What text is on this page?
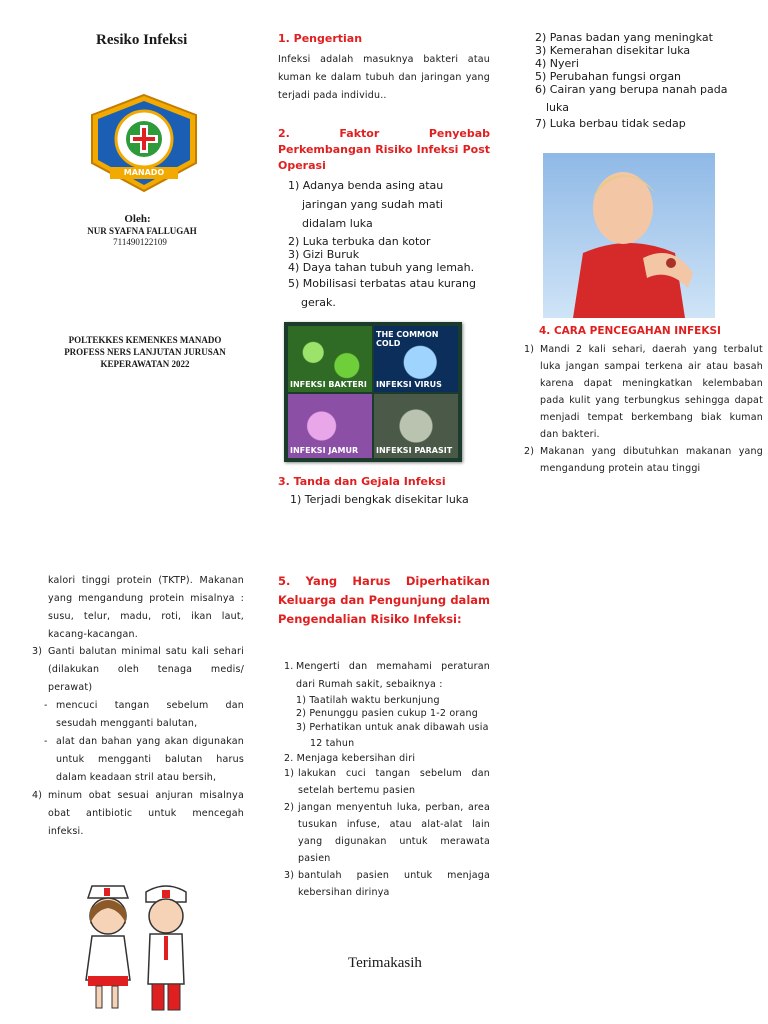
Resiko Infeksi
MANADO
Oleh:
NUR SYAFNA FALLUGAH
711490122109
POLTEKKES KEMENKES MANADO
PROFESS NERS LANJUTAN JURUSAN
KEPERAWATAN 2022
1. Pengertian
Infeksi adalah masuknya bakteri atau kuman ke dalam tubuh dan jaringan yang terjadi pada individu..
2. Faktor Penyebab Perkembangan Risiko Infeksi Post Operasi
1) Adanya benda asing atau jaringan yang sudah mati didalam luka
2) Luka terbuka dan kotor
3) Gizi Buruk
4) Daya tahan tubuh yang lemah.
5) Mobilisasi terbatas atau kurang gerak.
THE COMMON COLD
INFEKSI BAKTERI INFEKSI VIRUS
INFEKSI JAMUR INFEKSI PARASIT
3. Tanda dan Gejala Infeksi
1) Terjadi bengkak disekitar luka
2) Panas badan yang meningkat
3) Kemerahan disekitar luka
4) Nyeri
5) Perubahan fungsi organ
6) Cairan yang berupa nanah pada
luka
7) Luka berbau tidak sedap
4. CARA PENCEGAHAN INFEKSI
1) Mandi 2 kali sehari, daerah yang terbalut luka jangan sampai terkena air atau basah karena dapat meningkatkan kelembaban pada kulit yang terbungkus sehingga dapat menjadi tempat berkembang biak kuman dan bakteri.
2) Makanan yang dibutuhkan makanan yang mengandung protein atau tinggi
kalori tinggi protein (TKTP). Makanan yang mengandung protein misalnya : susu, telur, madu, roti, ikan laut, kacang-kacangan.
3) Ganti balutan minimal satu kali sehari (dilakukan oleh tenaga medis/ perawat)
- mencuci tangan sebelum dan sesudah mengganti balutan,
- alat dan bahan yang akan digunakan untuk mengganti balutan harus dalam keadaan stril atau bersih,
4) minum obat sesuai anjuran misalnya obat antibiotic untuk mencegah infeksi.
5. Yang Harus Diperhatikan Keluarga dan Pengunjung dalam Pengendalian Risiko Infeksi:
1. Mengerti dan memahami peraturan dari Rumah sakit, sebaiknya :
1) Taatilah waktu berkunjung
2) Penunggu pasien cukup 1-2 orang
3) Perhatikan untuk anak dibawah usia 12 tahun
2. Menjaga kebersihan diri
1) lakukan cuci tangan sebelum dan setelah bertemu pasien
2) jangan menyentuh luka, perban, area tusukan infuse, atau alat-alat lain yang digunakan untuk merawata pasien
3) bantulah pasien untuk menjaga kebersihan dirinya
Terimakasih
